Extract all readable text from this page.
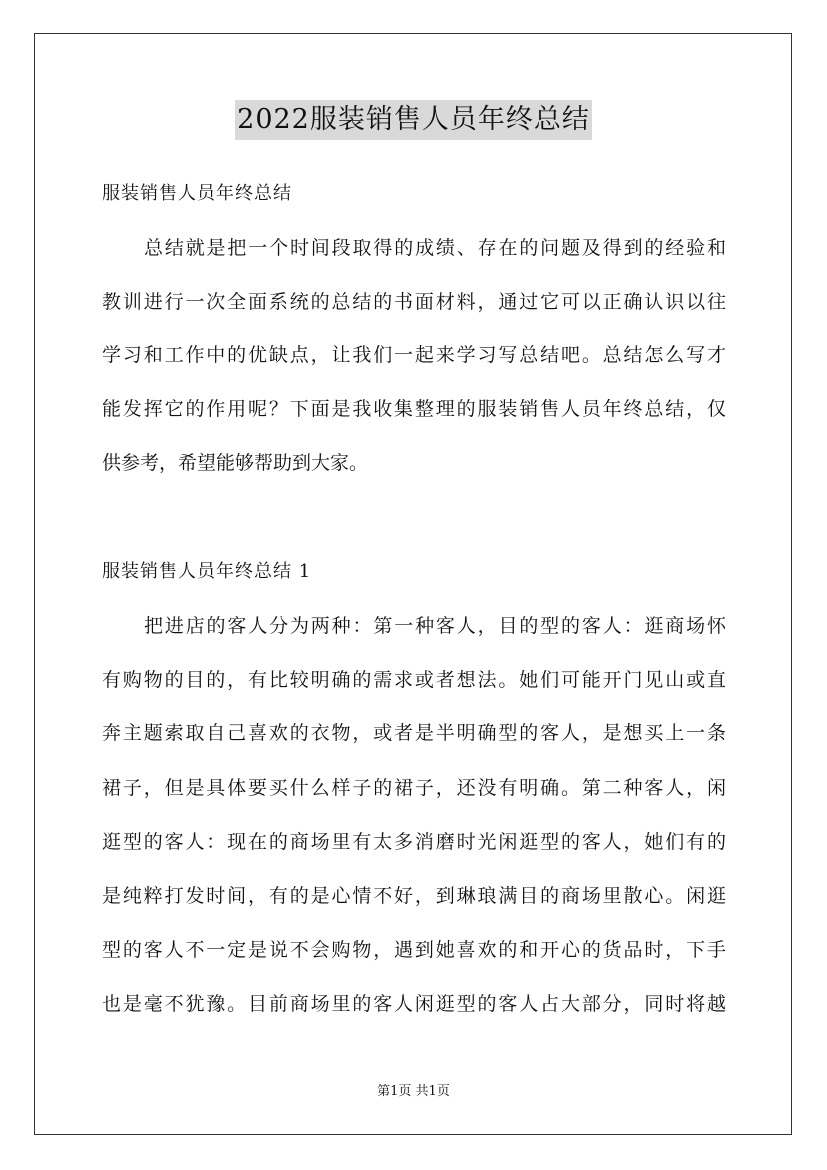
2022服装销售人员年终总结
服装销售人员年终总结
总结就是把一个时间段取得的成绩、存在的问题及得到的经验和
教训进行一次全面系统的总结的书面材料，通过它可以正确认识以往
学习和工作中的优缺点，让我们一起来学习写总结吧。总结怎么写才
能发挥它的作用呢？下面是我收集整理的服装销售人员年终总结，仅
供参考，希望能够帮助到大家。
服装销售人员年终总结 1
把进店的客人分为两种：第一种客人，目的型的客人：逛商场怀
有购物的目的，有比较明确的需求或者想法。她们可能开门见山或直
奔主题索取自己喜欢的衣物，或者是半明确型的客人，是想买上一条
裙子，但是具体要买什么样子的裙子，还没有明确。第二种客人，闲
逛型的客人：现在的商场里有太多消磨时光闲逛型的客人，她们有的
是纯粹打发时间，有的是心情不好，到琳琅满目的商场里散心。闲逛
型的客人不一定是说不会购物，遇到她喜欢的和开心的货品时，下手
也是毫不犹豫。目前商场里的客人闲逛型的客人占大部分，同时将越
第1页 共1页
